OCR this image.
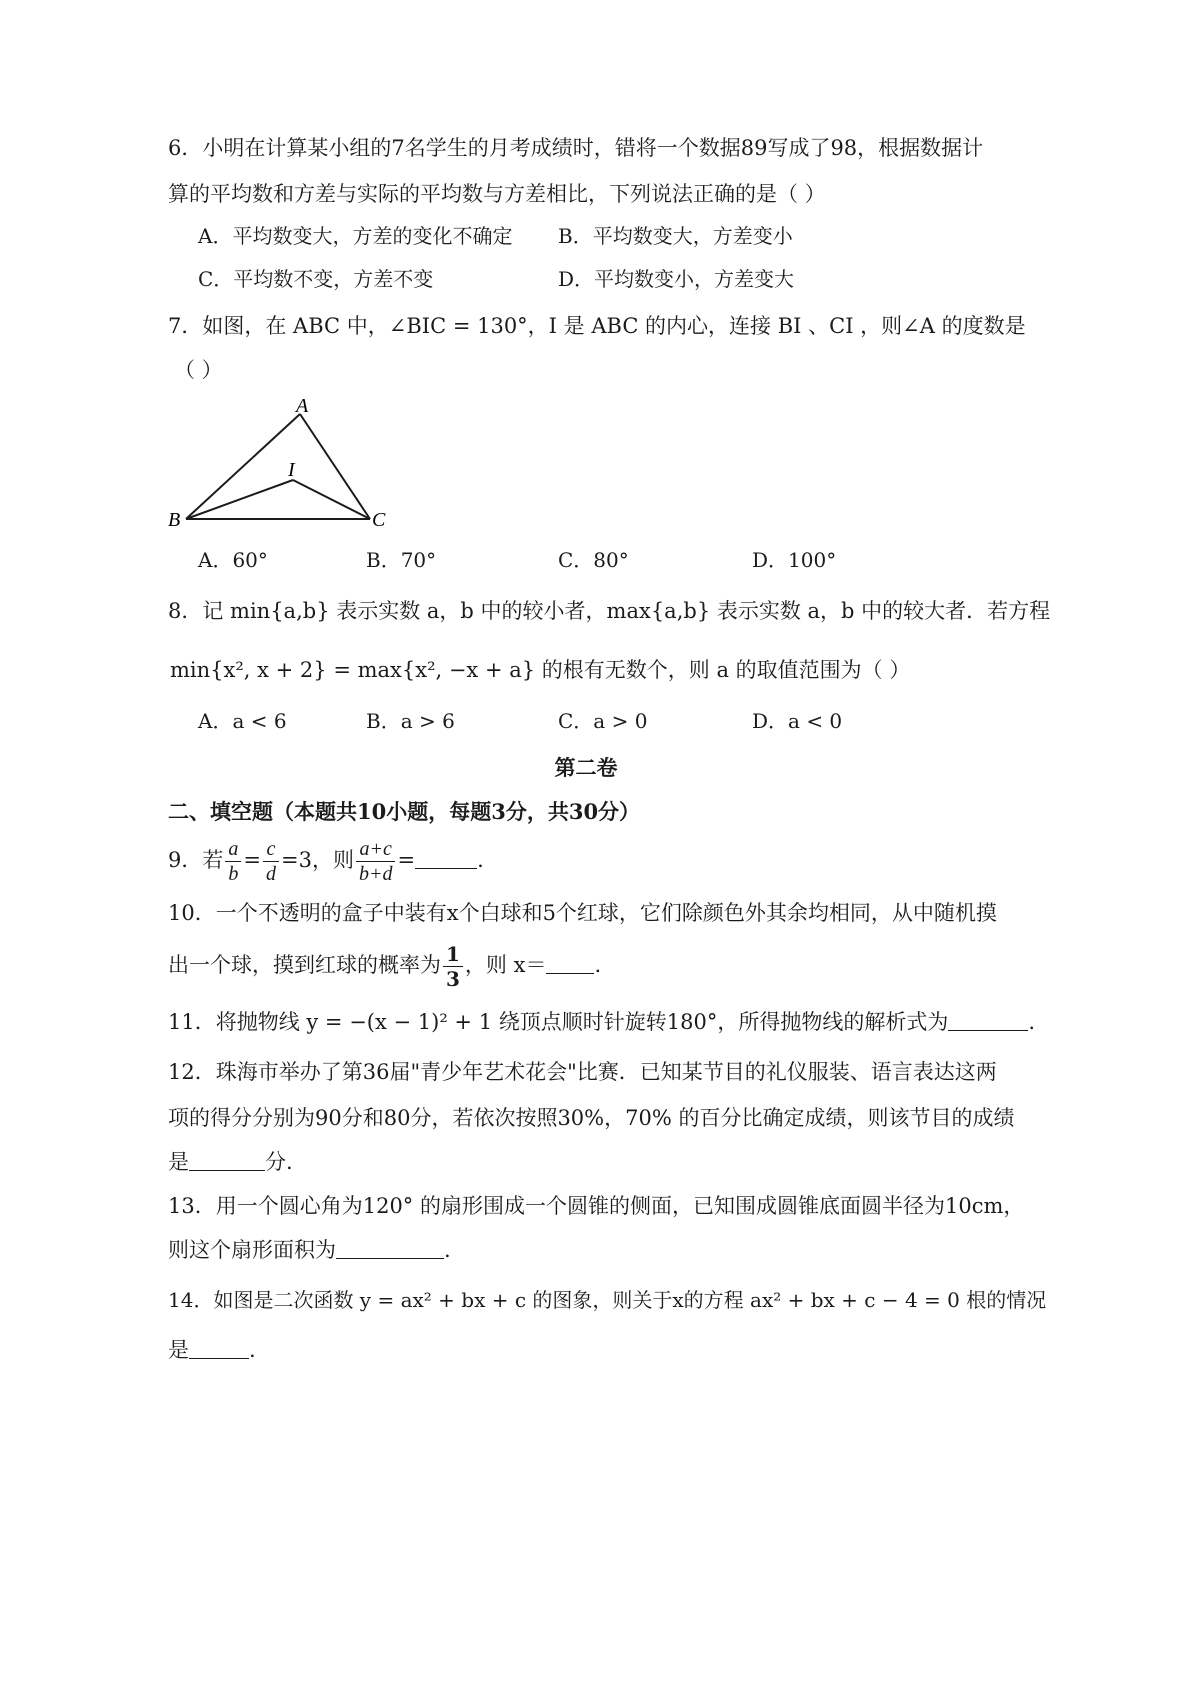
6．小明在计算某小组的7名学生的月考成绩时，错将一个数据89写成了98，根据数据计
算的平均数和方差与实际的平均数与方差相比，下列说法正确的是（ ）
A．平均数变大，方差的变化不确定 B．平均数变大，方差变小
C．平均数不变，方差不变	D．平均数变小，方差变大
7．如图，在 ABC 中，∠BIC = 130°，I 是 ABC 的内心，连接 BI 、CI ，则∠A 的度数是
（ ）
A
B	C
I
A．60°	B．70°	C．80°	D．100°
8．记 min{a,b} 表示实数 a，b 中的较小者，max{a,b} 表示实数 a，b 中的较大者．若方程
min{x², x + 2} = max{x², −x + a} 的根有无数个，则 a 的取值范围为（ ）
A．a < 6	B．a > 6	C．a > 0	D．a < 0
第二卷
二、填空题（本题共10小题，每题3分，共30分）
9．若 $\frac{a}{b} = \frac{c}{d} =3$，则 $\frac{a+c}{b+d}$ =	.
10．一个不透明的盒子中装有x个白球和5个红球，它们除颜色外其余均相同，从中随机摸
出一个球，摸到红球的概率为 $\frac{1}{3}$ ，则 x＝ .
11．将抛物线 y = −(x − 1)² + 1 绕顶点顺时针旋转180°，所得抛物线的解析式为	.
12．珠海市举办了第36届"青少年艺术花会"比赛．已知某节目的礼仪服装、语言表达这两
项的得分分别为90分和80分，若依次按照30%，70% 的百分比确定成绩，则该节目的成绩
是	分.
13．用一个圆心角为120° 的扇形围成一个圆锥的侧面，已知围成圆锥底面圆半径为10cm，
则这个扇形面积为	.
14．如图是二次函数 y = ax² + bx + c 的图象，则关于x的方程 ax² + bx + c − 4 = 0 根的情况
是	.
